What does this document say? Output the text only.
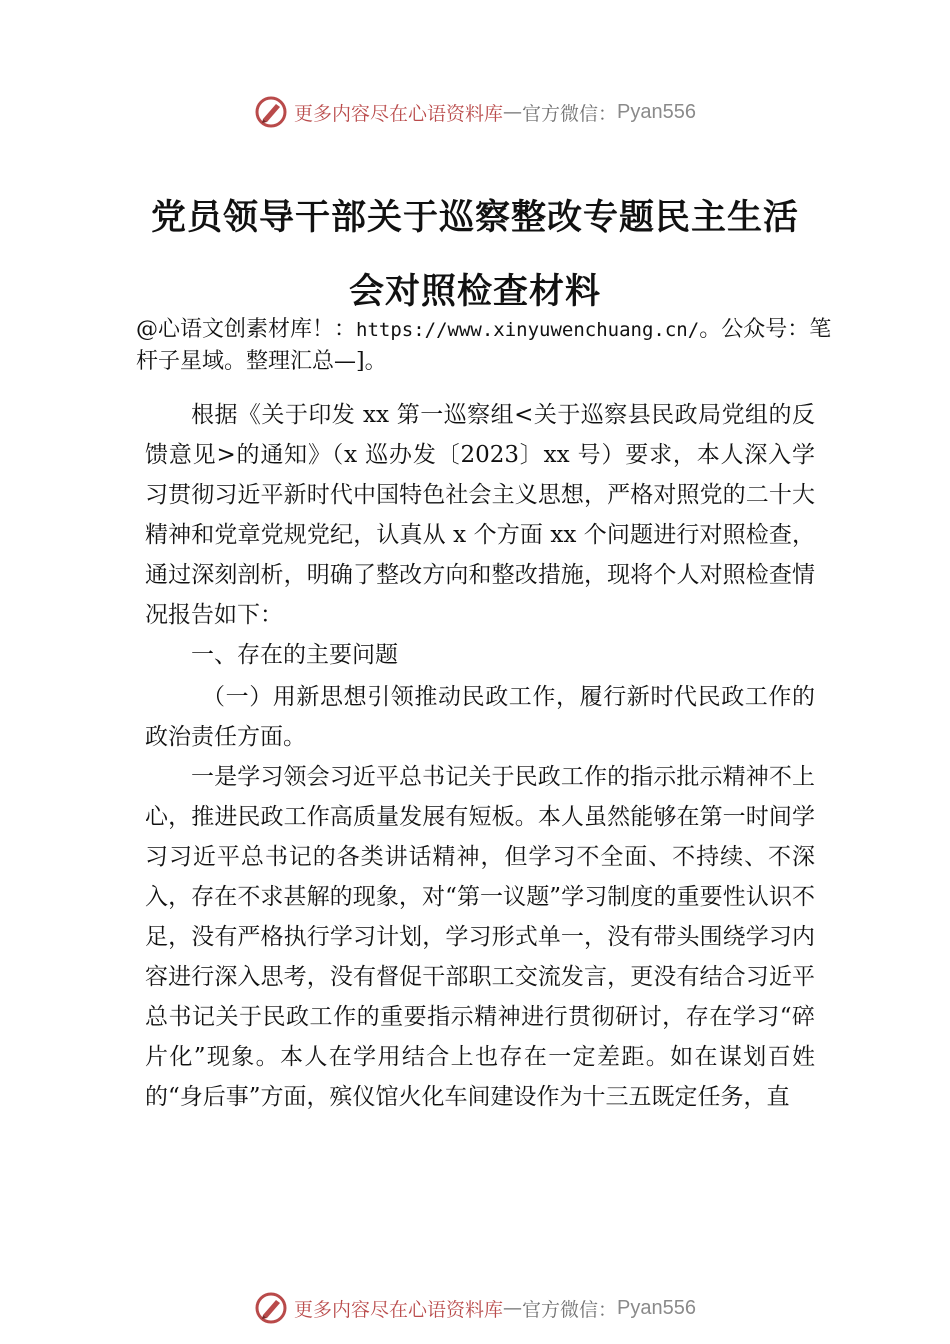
更多内容尽在心语资料库 — 官方微信： Pyan556
党员领导干部关于巡察整改专题民主生活
会对照检查材料
@心语文创素材库！：https://www.xinyuwenchuang.cn/。公众号：笔杆子星域。整理汇总—]。

根据《关于印发 xx 第一巡察组<关于巡察县民政局党组的反馈意见>的通知》（x 巡办发〔2023〕xx 号）要求，本人深入学习贯彻习近平新时代中国特色社会主义思想，严格对照党的二十大精神和党章党规党纪，认真从 x 个方面 xx 个问题进行对照检查，通过深刻剖析，明确了整改方向和整改措施，现将个人对照检查情况报告如下：

一、存在的主要问题

（一）用新思想引领推动民政工作，履行新时代民政工作的政治责任方面。

一是学习领会习近平总书记关于民政工作的指示批示精神不上心，推进民政工作高质量发展有短板。本人虽然能够在第一时间学习习近平总书记的各类讲话精神，但学习不全面、不持续、不深入，存在不求甚解的现象，对“第一议题”学习制度的重要性认识不足，没有严格执行学习计划，学习形式单一，没有带头围绕学习内容进行深入思考，没有督促干部职工交流发言，更没有结合习近平总书记关于民政工作的重要指示精神进行贯彻研讨，存在学习“碎片化”现象。本人在学用结合上也存在一定差距。如在谋划百姓的“身后事”方面，殡仪馆火化车间建设作为十三五既定任务，直

更多内容尽在心语资料库 — 官方微信： Pyan556
